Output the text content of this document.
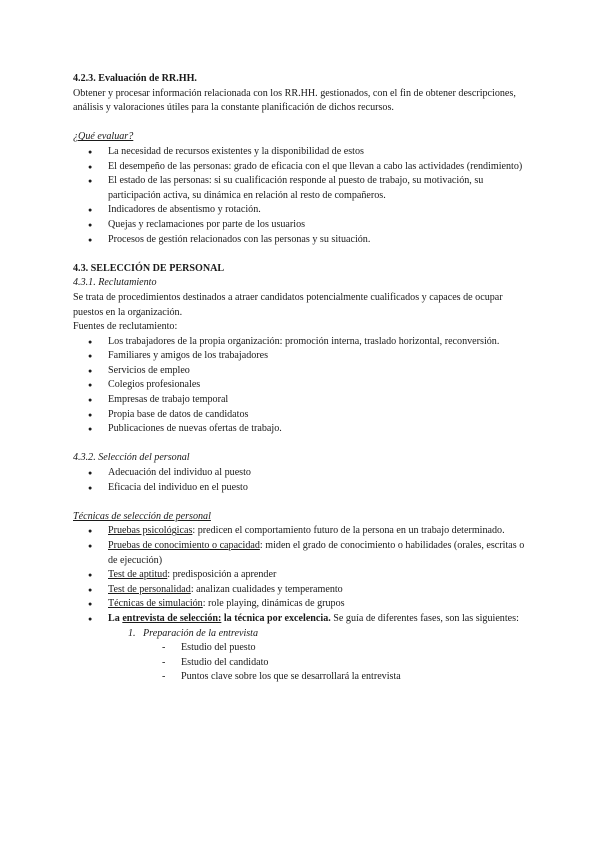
4.2.3. Evaluación de RR.HH.

Obtener y procesar información relacionada con los RR.HH. gestionados, con el fin de obtener descripciones, análisis y valoraciones útiles para la constante planificación de dichos recursos.

¿Qué evaluar?

● La necesidad de recursos existentes y la disponibilidad de estos
● El desempeño de las personas: grado de eficacia con el que llevan a cabo las actividades (rendimiento)
● El estado de las personas: si su cualificación responde al puesto de trabajo, su motivación, su participación activa, su dinámica en relación al resto de compañeros.
● Indicadores de absentismo y rotación.
● Quejas y reclamaciones por parte de los usuarios
● Procesos de gestión relacionados con las personas y su situación.

4.3. SELECCIÓN DE PERSONAL

4.3.1. Reclutamiento

Se trata de procedimientos destinados a atraer candidatos potencialmente cualificados y capaces de ocupar puestos en la organización.

Fuentes de reclutamiento:

● Los trabajadores de la propia organización: promoción interna, traslado horizontal, reconversión.
● Familiares y amigos de los trabajadores
● Servicios de empleo
● Colegios profesionales
● Empresas de trabajo temporal
● Propia base de datos de candidatos
● Publicaciones de nuevas ofertas de trabajo.

4.3.2. Selección del personal

● Adecuación del individuo al puesto
● Eficacia del individuo en el puesto

Técnicas de selección de personal

● Pruebas psicológicas: predicen el comportamiento futuro de la persona en un trabajo determinado.
● Pruebas de conocimiento o capacidad: miden el grado de conocimiento o habilidades (orales, escritas o de ejecución)
● Test de aptitud: predisposición a aprender
● Test de personalidad: analizan cualidades y temperamento
● Técnicas de simulación: role playing, dinámicas de grupos
● La entrevista de selección: la técnica por excelencia. Se guía de diferentes fases, son las siguientes:
1. Preparación de la entrevista
- Estudio del puesto
- Estudio del candidato
- Puntos clave sobre los que se desarrollará la entrevista
